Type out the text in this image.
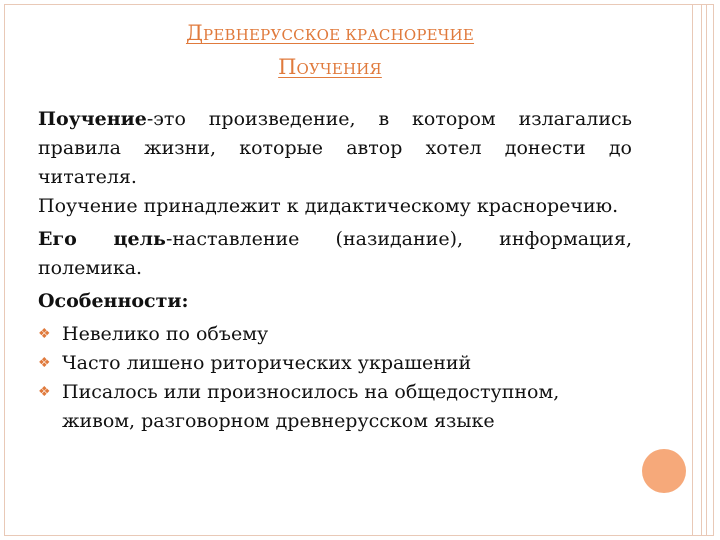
ДРЕВНЕРУССКОЕ КРАСНОРЕЧИЕ
ПОУЧЕНИЯ

Поучение-это произведение, в котором излагались правила жизни, которые автор хотел донести до читателя.
Поучение принадлежит к дидактическому красноречию.

Его цель-наставление (назидание), информация, полемика.

Особенности:

❖ Невелико по объему
❖ Часто лишено риторических украшений
❖ Писалось или произносилось на общедоступном, живом, разговорном древнерусском языке
